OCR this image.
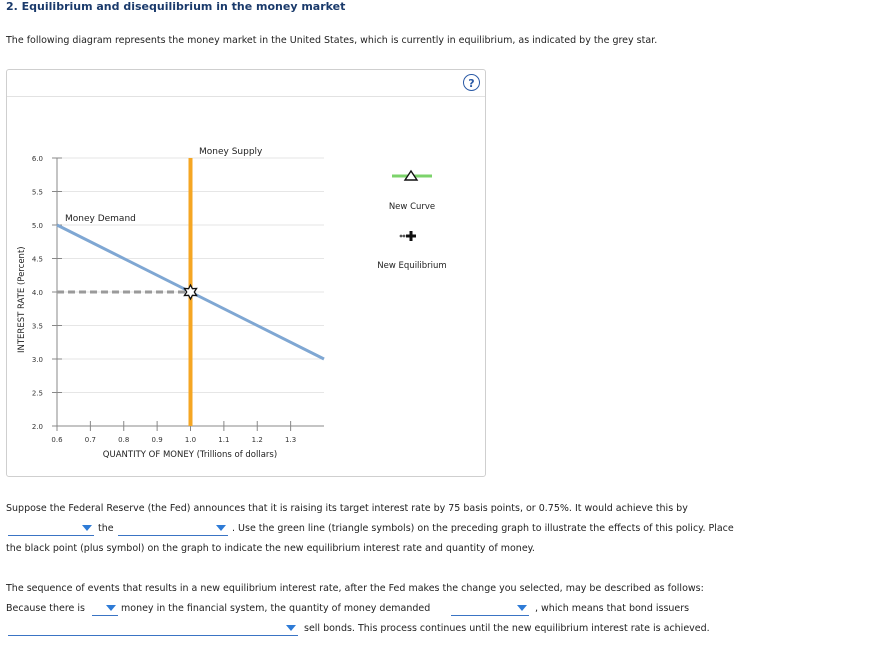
2. Equilibrium and disequilibrium in the money market
The following diagram represents the money market in the United States, which is currently in equilibrium, as indicated by the grey star.
?
2.0
2.5
3.0
3.5
4.0
4.5
5.0
5.5
6.0
0.6	0.7	0.8	0.9	1.0	1.1	1.2	1.3
Money Supply
Money Demand
INTEREST RATE (Percent)
QUANTITY OF MONEY (Trillions of dollars)
New Curve
New Equilibrium
Suppose the Federal Reserve (the Fed) announces that it is raising its target interest rate by 75 basis points, or 0.75%. It would achieve this by
the	. Use the green line (triangle symbols) on the preceding graph to illustrate the effects of this policy. Place
the black point (plus symbol) on the graph to indicate the new equilibrium interest rate and quantity of money.
The sequence of events that results in a new equilibrium interest rate, after the Fed makes the change you selected, may be described as follows:
Because there is	money in the financial system, the quantity of money demanded	, which means that bond issuers
sell bonds. This process continues until the new equilibrium interest rate is achieved.
